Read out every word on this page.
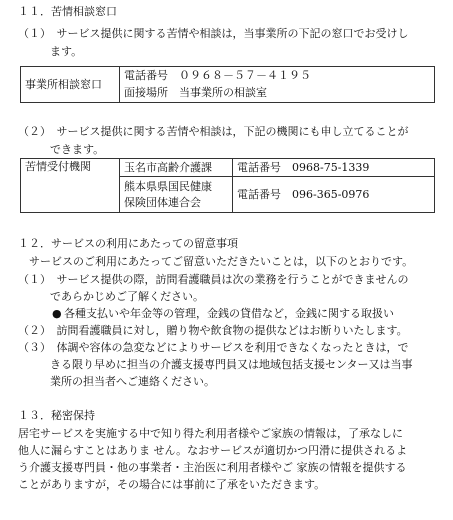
１１．苦情相談窓口
（１）　サービス提供に関する苦情や相談は，当事業所の下記の窓口でお受けし
ます。
事業所相談窓口	電話番号　０９６８－５７－４１９５
面接場所　当事業所の相談室
（２）　サービス提供に関する苦情や相談は，下記の機関にも申し立てることが
できます。
苦情受付機関	玉名市高齢介護課	電話番号　0968-75-1339

	熊本県県国民健康
保険団体連合会	電話番号　096-365-0976
１２．サービスの利用にあたっての留意事項
　サービスのご利用にあたってご留意いただきたいことは，以下のとおりです。
（１）　サービス提供の際，訪問看護職員は次の業務を行うことができませんの
であらかじめご了解ください。
● 各種支払いや年金等の管理，金銭の貸借など，金銭に関する取扱い
（２）　訪問看護職員に対し，贈り物や飲食物の提供などはお断りいたします。
（３）　体調や容体の急変などによりサービスを利用できなくなったときは，で
きる限り早めに担当の介護支援専門員又は地域包括支援センター又は当事
業所の担当者へご連絡ください。
１３．秘密保持
居宅サービスを実施する中で知り得た利用者様やご家族の情報は，了承なしに
他人に漏らすことはありま せん。なおサービスが適切かつ円滑に提供されるよ
う介護支援専門員・他の事業者・主治医に利用者様やご 家族の情報を提供する
ことがありますが，その場合には事前に了承をいただきます。
